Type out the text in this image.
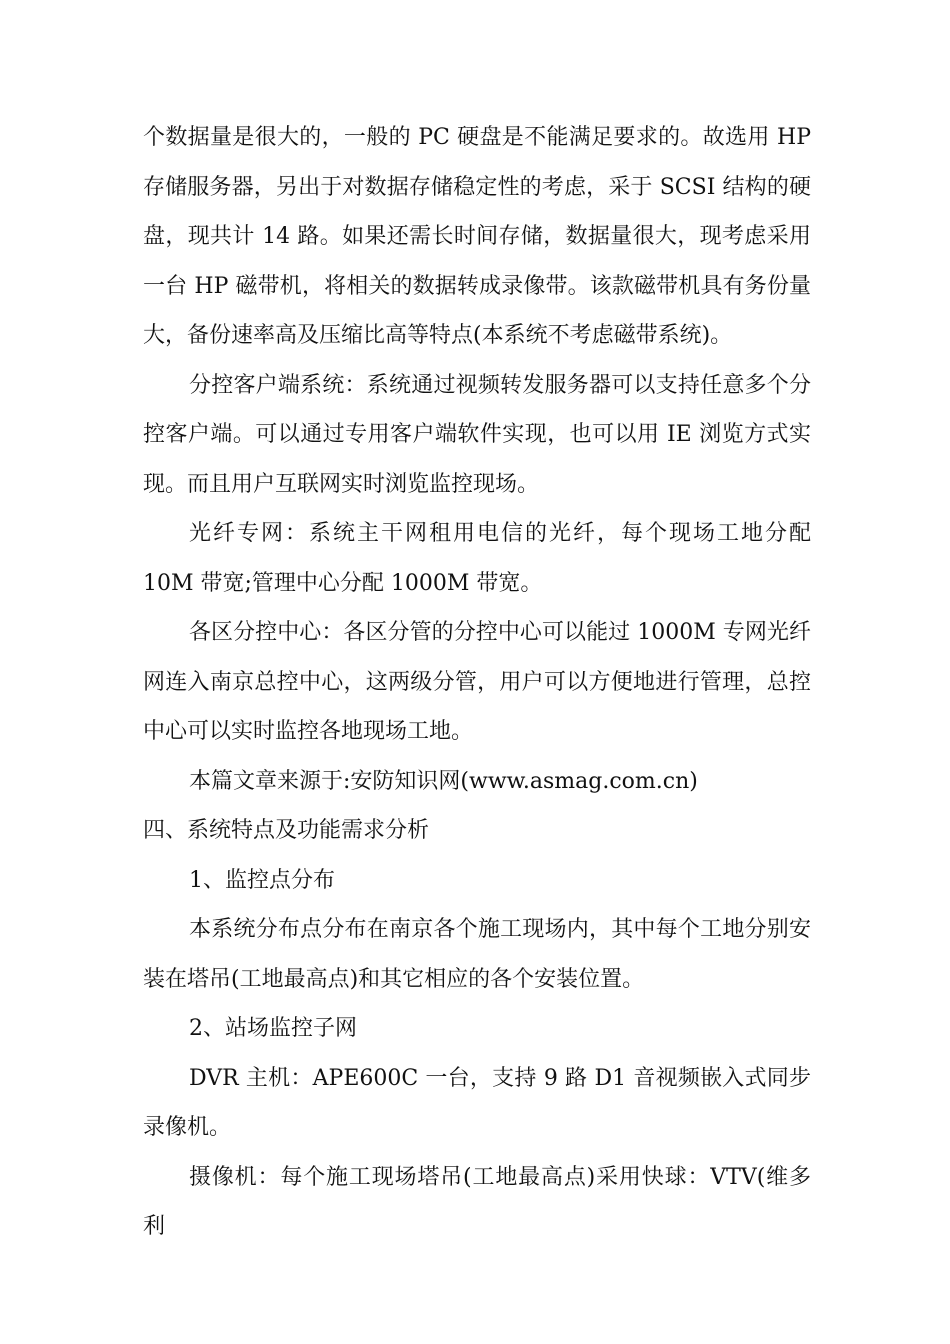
个数据量是很大的，一般的 PC 硬盘是不能满足要求的。故选用 HP 存储服务器，另出于对数据存储稳定性的考虑，采于 SCSI 结构的硬盘，现共计 14 路。如果还需长时间存储，数据量很大，现考虑采用一台 HP 磁带机，将相关的数据转成录像带。该款磁带机具有务份量大，备份速率高及压缩比高等特点(本系统不考虑磁带系统)。

分控客户端系统：系统通过视频转发服务器可以支持任意多个分控客户端。可以通过专用客户端软件实现，也可以用 IE 浏览方式实现。而且用户互联网实时浏览监控现场。

光纤专网：系统主干网租用电信的光纤，每个现场工地分配 10M 带宽;管理中心分配 1000M 带宽。

各区分控中心：各区分管的分控中心可以能过 1000M 专网光纤网连入南京总控中心，这两级分管，用户可以方便地进行管理，总控中心可以实时监控各地现场工地。

本篇文章来源于:安防知识网(www.asmag.com.cn)

四、系统特点及功能需求分析

1、监控点分布

本系统分布点分布在南京各个施工现场内，其中每个工地分别安装在塔吊(工地最高点)和其它相应的各个安装位置。

2、站场监控子网

DVR 主机：APE600C 一台，支持 9 路 D1 音视频嵌入式同步录像机。

摄像机：每个施工现场塔吊(工地最高点)采用快球：VTV(维多利
